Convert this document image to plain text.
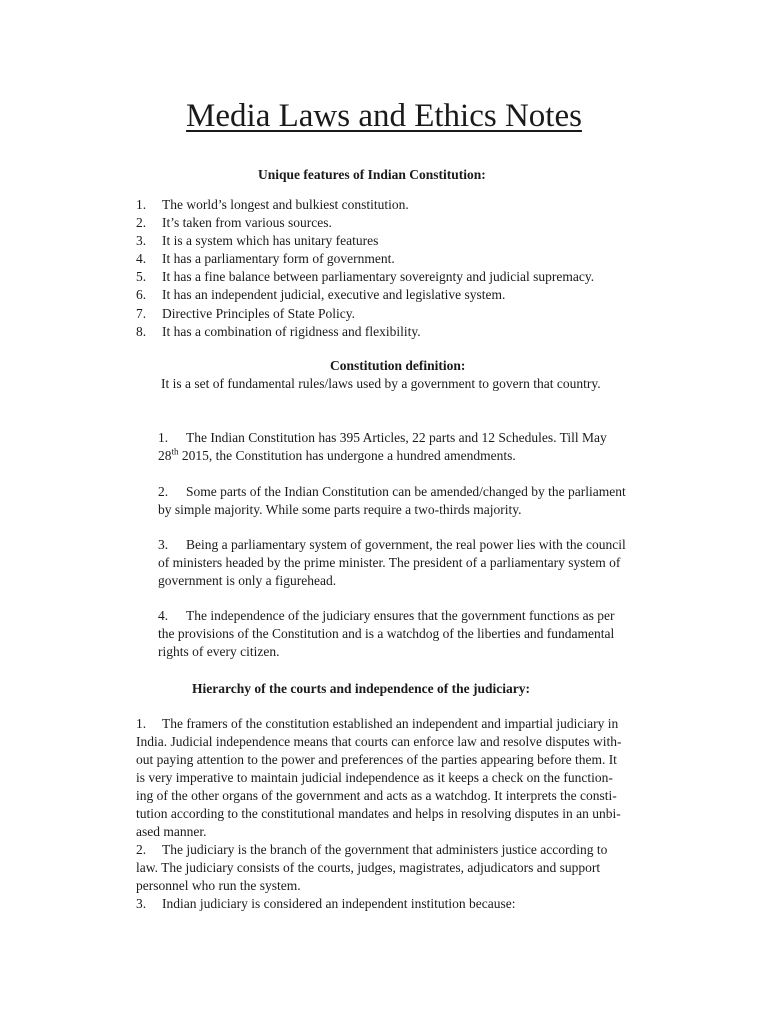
Media Laws and Ethics Notes
Unique features of Indian Constitution:
1.	The world’s longest and bulkiest constitution.
2.	It’s taken from various sources.
3.	It is a system which has unitary features
4.	It has a parliamentary form of government.
5.	It has a fine balance between parliamentary sovereignty and judicial supremacy.
6.	It has an independent judicial, executive and legislative system.
7.	Directive Principles of State Policy.
8.	It has a combination of rigidness and flexibility.
Constitution definition:
It is a set of fundamental rules/laws used by a government to govern that country.
1. The Indian Constitution has 395 Articles, 22 parts and 12 Schedules. Till May
28th 2015, the Constitution has undergone a hundred amendments.
2. Some parts of the Indian Constitution can be amended/changed by the parliament
by simple majority. While some parts require a two-thirds majority.
3. Being a parliamentary system of government, the real power lies with the council
of ministers headed by the prime minister. The president of a parliamentary system of
government is only a figurehead.
4. The independence of the judiciary ensures that the government functions as per
the provisions of the Constitution and is a watchdog of the liberties and fundamental
rights of every citizen.
Hierarchy of the courts and independence of the judiciary:
1. The framers of the constitution established an independent and impartial judiciary in
India. Judicial independence means that courts can enforce law and resolve disputes with-
out paying attention to the power and preferences of the parties appearing before them. It
is very imperative to maintain judicial independence as it keeps a check on the function-
ing of the other organs of the government and acts as a watchdog. It interprets the consti-
tution according to the constitutional mandates and helps in resolving disputes in an unbi-
ased manner.
2. The judiciary is the branch of the government that administers justice according to
law. The judiciary consists of the courts, judges, magistrates, adjudicators and support
personnel who run the system.
3. Indian judiciary is considered an independent institution because:
